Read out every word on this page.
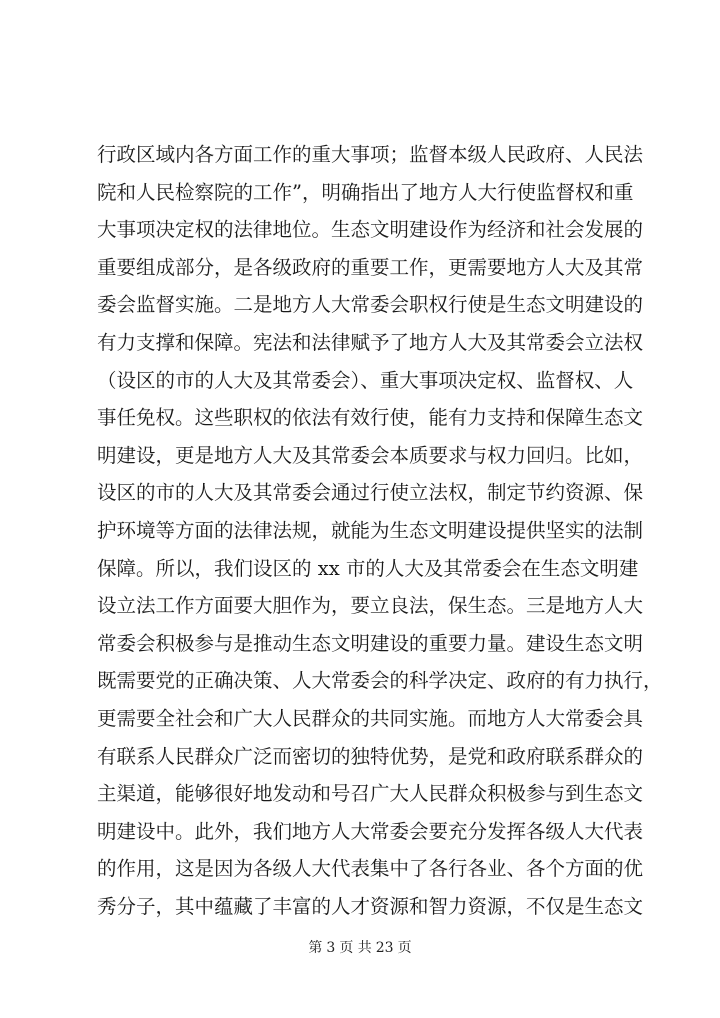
行政区域内各方面工作的重大事项；监督本级人民政府、人民法
院和人民检察院的工作”，明确指出了地方人大行使监督权和重
大事项决定权的法律地位。生态文明建设作为经济和社会发展的
重要组成部分，是各级政府的重要工作，更需要地方人大及其常
委会监督实施。二是地方人大常委会职权行使是生态文明建设的
有力支撑和保障。宪法和法律赋予了地方人大及其常委会立法权
（设区的市的人大及其常委会）、重大事项决定权、监督权、人
事任免权。这些职权的依法有效行使，能有力支持和保障生态文
明建设，更是地方人大及其常委会本质要求与权力回归。比如，
设区的市的人大及其常委会通过行使立法权，制定节约资源、保
护环境等方面的法律法规，就能为生态文明建设提供坚实的法制
保障。所以，我们设区的 xx 市的人大及其常委会在生态文明建
设立法工作方面要大胆作为，要立良法，保生态。三是地方人大
常委会积极参与是推动生态文明建设的重要力量。建设生态文明
既需要党的正确决策、人大常委会的科学决定、政府的有力执行，
更需要全社会和广大人民群众的共同实施。而地方人大常委会具
有联系人民群众广泛而密切的独特优势，是党和政府联系群众的
主渠道，能够很好地发动和号召广大人民群众积极参与到生态文
明建设中。此外，我们地方人大常委会要充分发挥各级人大代表
的作用，这是因为各级人大代表集中了各行各业、各个方面的优
秀分子，其中蕴藏了丰富的人才资源和智力资源，不仅是生态文
第 3 页 共 23 页
